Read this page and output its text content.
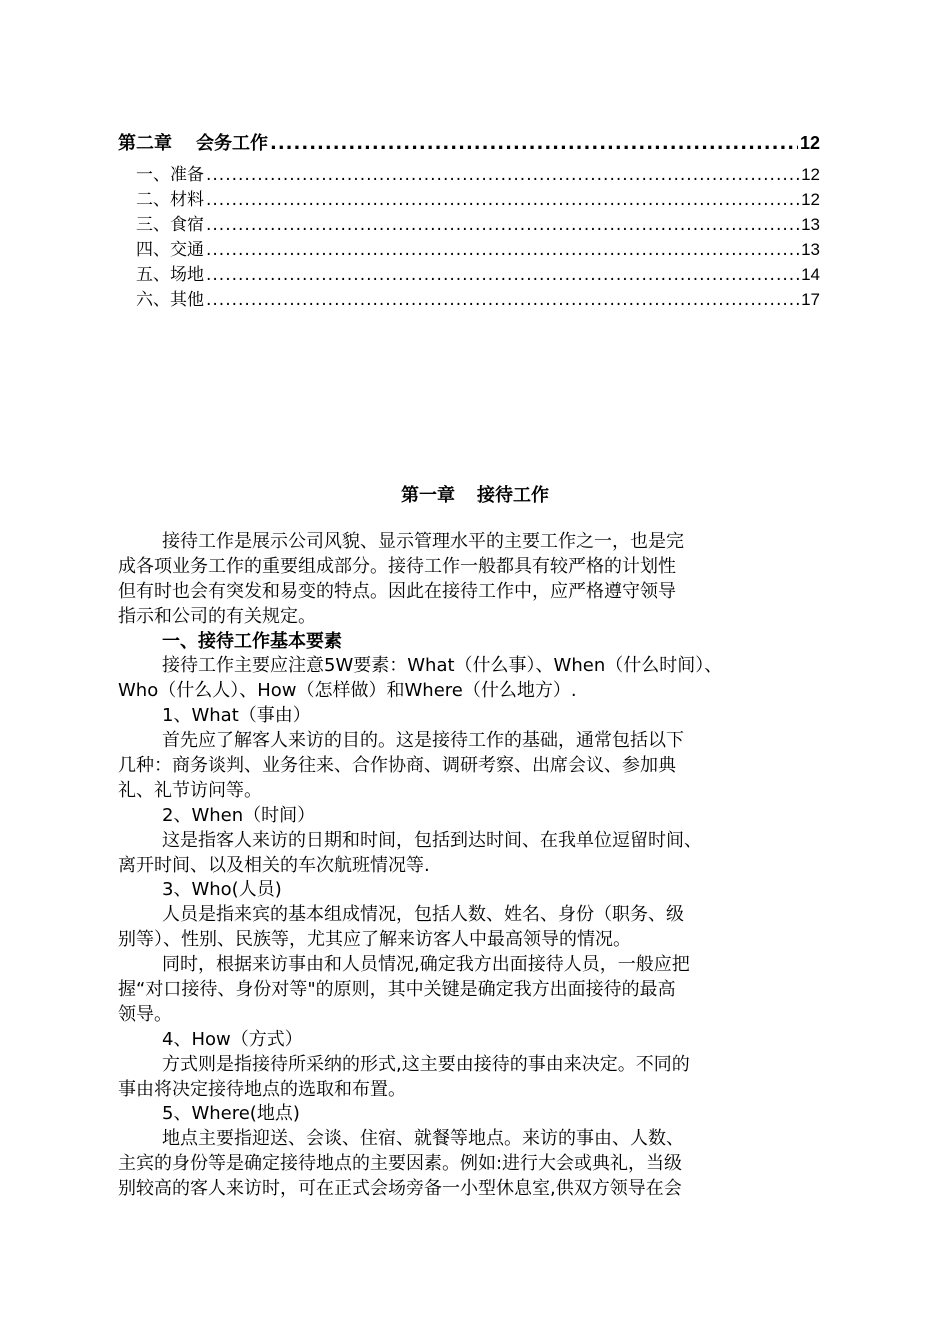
第二章 会务工作 .....	12
一、准备 .....	12
二、材料 .....	12
三、食宿 .....	13
四、交通 .....	13
五、场地 .....	14
六、其他 .....	17
第一章 接待工作
接待工作是展示公司风貌、显示管理水平的主要工作之一，也是完
成各项业务工作的重要组成部分。接待工作一般都具有较严格的计划性
但有时也会有突发和易变的特点。因此在接待工作中，应严格遵守领导
指示和公司的有关规定。
一、接待工作基本要素
接待工作主要应注意5W要素：What（什么事）、When（什么时间）、
Who（什么人）、How（怎样做）和Where（什么地方）.
1、What（事由）
首先应了解客人来访的目的。这是接待工作的基础，通常包括以下
几种：商务谈判、业务往来、合作协商、调研考察、出席会议、参加典
礼、礼节访问等。
2、When（时间）
这是指客人来访的日期和时间，包括到达时间、在我单位逗留时间、
离开时间、以及相关的车次航班情况等.
3、Who(人员)
人员是指来宾的基本组成情况，包括人数、姓名、身份（职务、级
别等）、性别、民族等，尤其应了解来访客人中最高领导的情况。
同时，根据来访事由和人员情况,确定我方出面接待人员，一般应把
握“对口接待、身份对等"的原则，其中关键是确定我方出面接待的最高
领导。
4、How（方式）
方式则是指接待所采纳的形式,这主要由接待的事由来决定。不同的
事由将决定接待地点的选取和布置。
5、Where(地点)
地点主要指迎送、会谈、住宿、就餐等地点。来访的事由、人数、
主宾的身份等是确定接待地点的主要因素。例如:进行大会或典礼，当级
别较高的客人来访时，可在正式会场旁备一小型休息室,供双方领导在会
